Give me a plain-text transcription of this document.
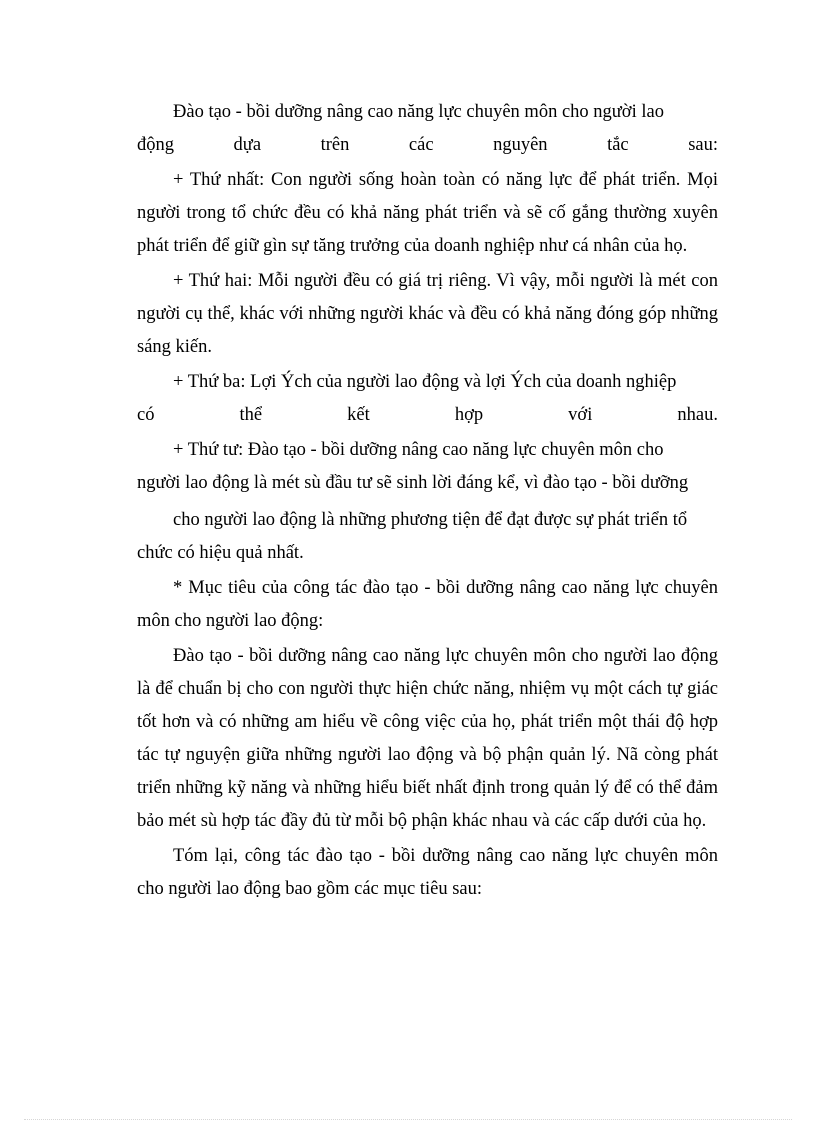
Đào tạo - bồi dưỡng nâng cao năng lực chuyên môn cho người lao

động dựa trên các nguyên tắc sau:

+ Thứ nhất: Con người sống hoàn toàn có năng lực để phát triển. Mọi người trong tổ chức đều có khả năng phát triển và sẽ cố gắng thường xuyên phát triển để giữ gìn sự tăng trưởng của doanh nghiệp như cá nhân của họ.

+ Thứ hai: Mỗi người đều có giá trị riêng. Vì vậy, mỗi người là mét con người cụ thể, khác với những người khác và đều có khả năng đóng góp những sáng kiến.

+ Thứ ba: Lợi Ých của người lao động và lợi Ých của doanh nghiệp

có thể kết hợp với nhau.

+ Thứ tư: Đào tạo - bồi dưỡng nâng cao năng lực chuyên môn cho

người lao động là mét sù đầu tư sẽ sinh lời đáng kể, vì đào tạo - bồi dưỡng

cho người lao động là những phương tiện để đạt được sự phát triển tổ

chức có hiệu quả nhất.

* Mục tiêu của công tác đào tạo - bồi dưỡng nâng cao năng lực chuyên môn cho người lao động:

Đào tạo - bồi dưỡng nâng cao năng lực chuyên môn cho người lao động là để chuẩn bị cho con người thực hiện chức năng, nhiệm vụ một cách tự giác tốt hơn và có những am hiểu về công việc của họ, phát triển một thái độ hợp tác tự nguyện giữa những người lao động và bộ phận quản lý. Nã còng phát triển những kỹ năng và những hiểu biết nhất định trong quản lý để có thể đảm bảo mét sù hợp tác đầy đủ từ mỗi bộ phận khác nhau và các cấp dưới của họ.

Tóm lại, công tác đào tạo - bồi dưỡng nâng cao năng lực chuyên môn cho người lao động bao gồm các mục tiêu sau:
